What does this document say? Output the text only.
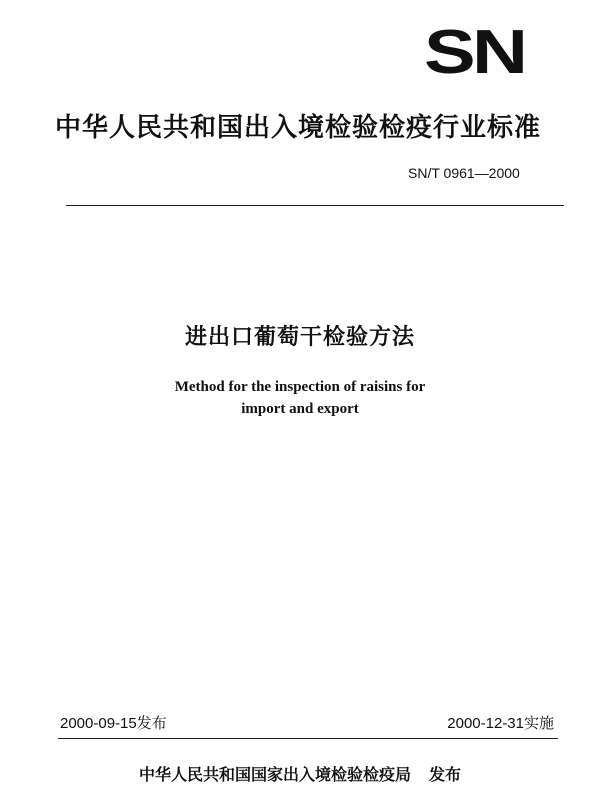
SN
中华人民共和国出入境检验检疫行业标准
SN/T 0961—2000
进出口葡萄干检验方法
Method for the inspection of raisins for
import and export
2000-09-15发布	2000-12-31实施
中华人民共和国国家出入境检验检疫局 发布
